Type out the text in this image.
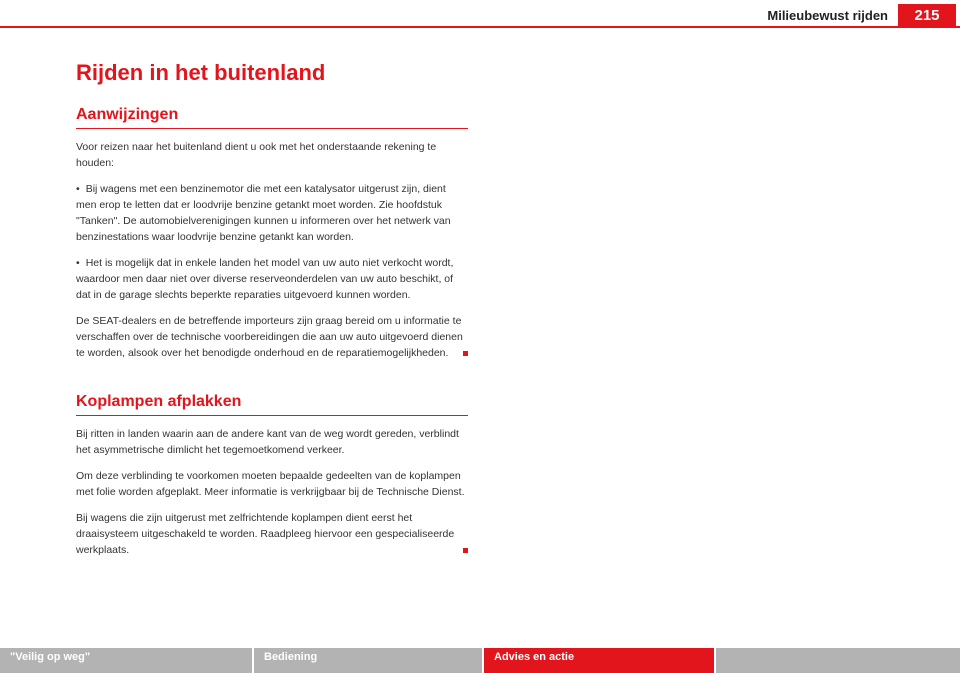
Milieubewust rijden	215
Rijden in het buitenland
Aanwijzingen

Voor reizen naar het buitenland dient u ook met het onderstaande rekening te houden:

• Bij wagens met een benzinemotor die met een katalysator uitgerust zijn, dient men erop te letten dat er loodvrije benzine getankt moet worden. Zie hoofdstuk "Tanken". De automobielverenigingen kunnen u informeren over het netwerk van benzinestations waar loodvrije benzine getankt kan worden.

• Het is mogelijk dat in enkele landen het model van uw auto niet verkocht wordt, waardoor men daar niet over diverse reserveonderdelen van uw auto beschikt, of dat in de garage slechts beperkte reparaties uitgevoerd kunnen worden.

De SEAT-dealers en de betreffende importeurs zijn graag bereid om u informatie te verschaffen over de technische voorbereidingen die aan uw auto uitgevoerd dienen te worden, alsook over het benodigde onderhoud en de reparatiemogelijkheden.

Koplampen afplakken

Bij ritten in landen waarin aan de andere kant van de weg wordt gereden, verblindt het asymmetrische dimlicht het tegemoetkomend verkeer.

Om deze verblinding te voorkomen moeten bepaalde gedeelten van de koplampen met folie worden afgeplakt. Meer informatie is verkrijgbaar bij de Technische Dienst.

Bij wagens die zijn uitgerust met zelfrichtende koplampen dient eerst het draaisysteem uitgeschakeld te worden. Raadpleeg hiervoor een gespecialiseerde werkplaats.

"Veilig op weg"	Bediening	Advies en actie
